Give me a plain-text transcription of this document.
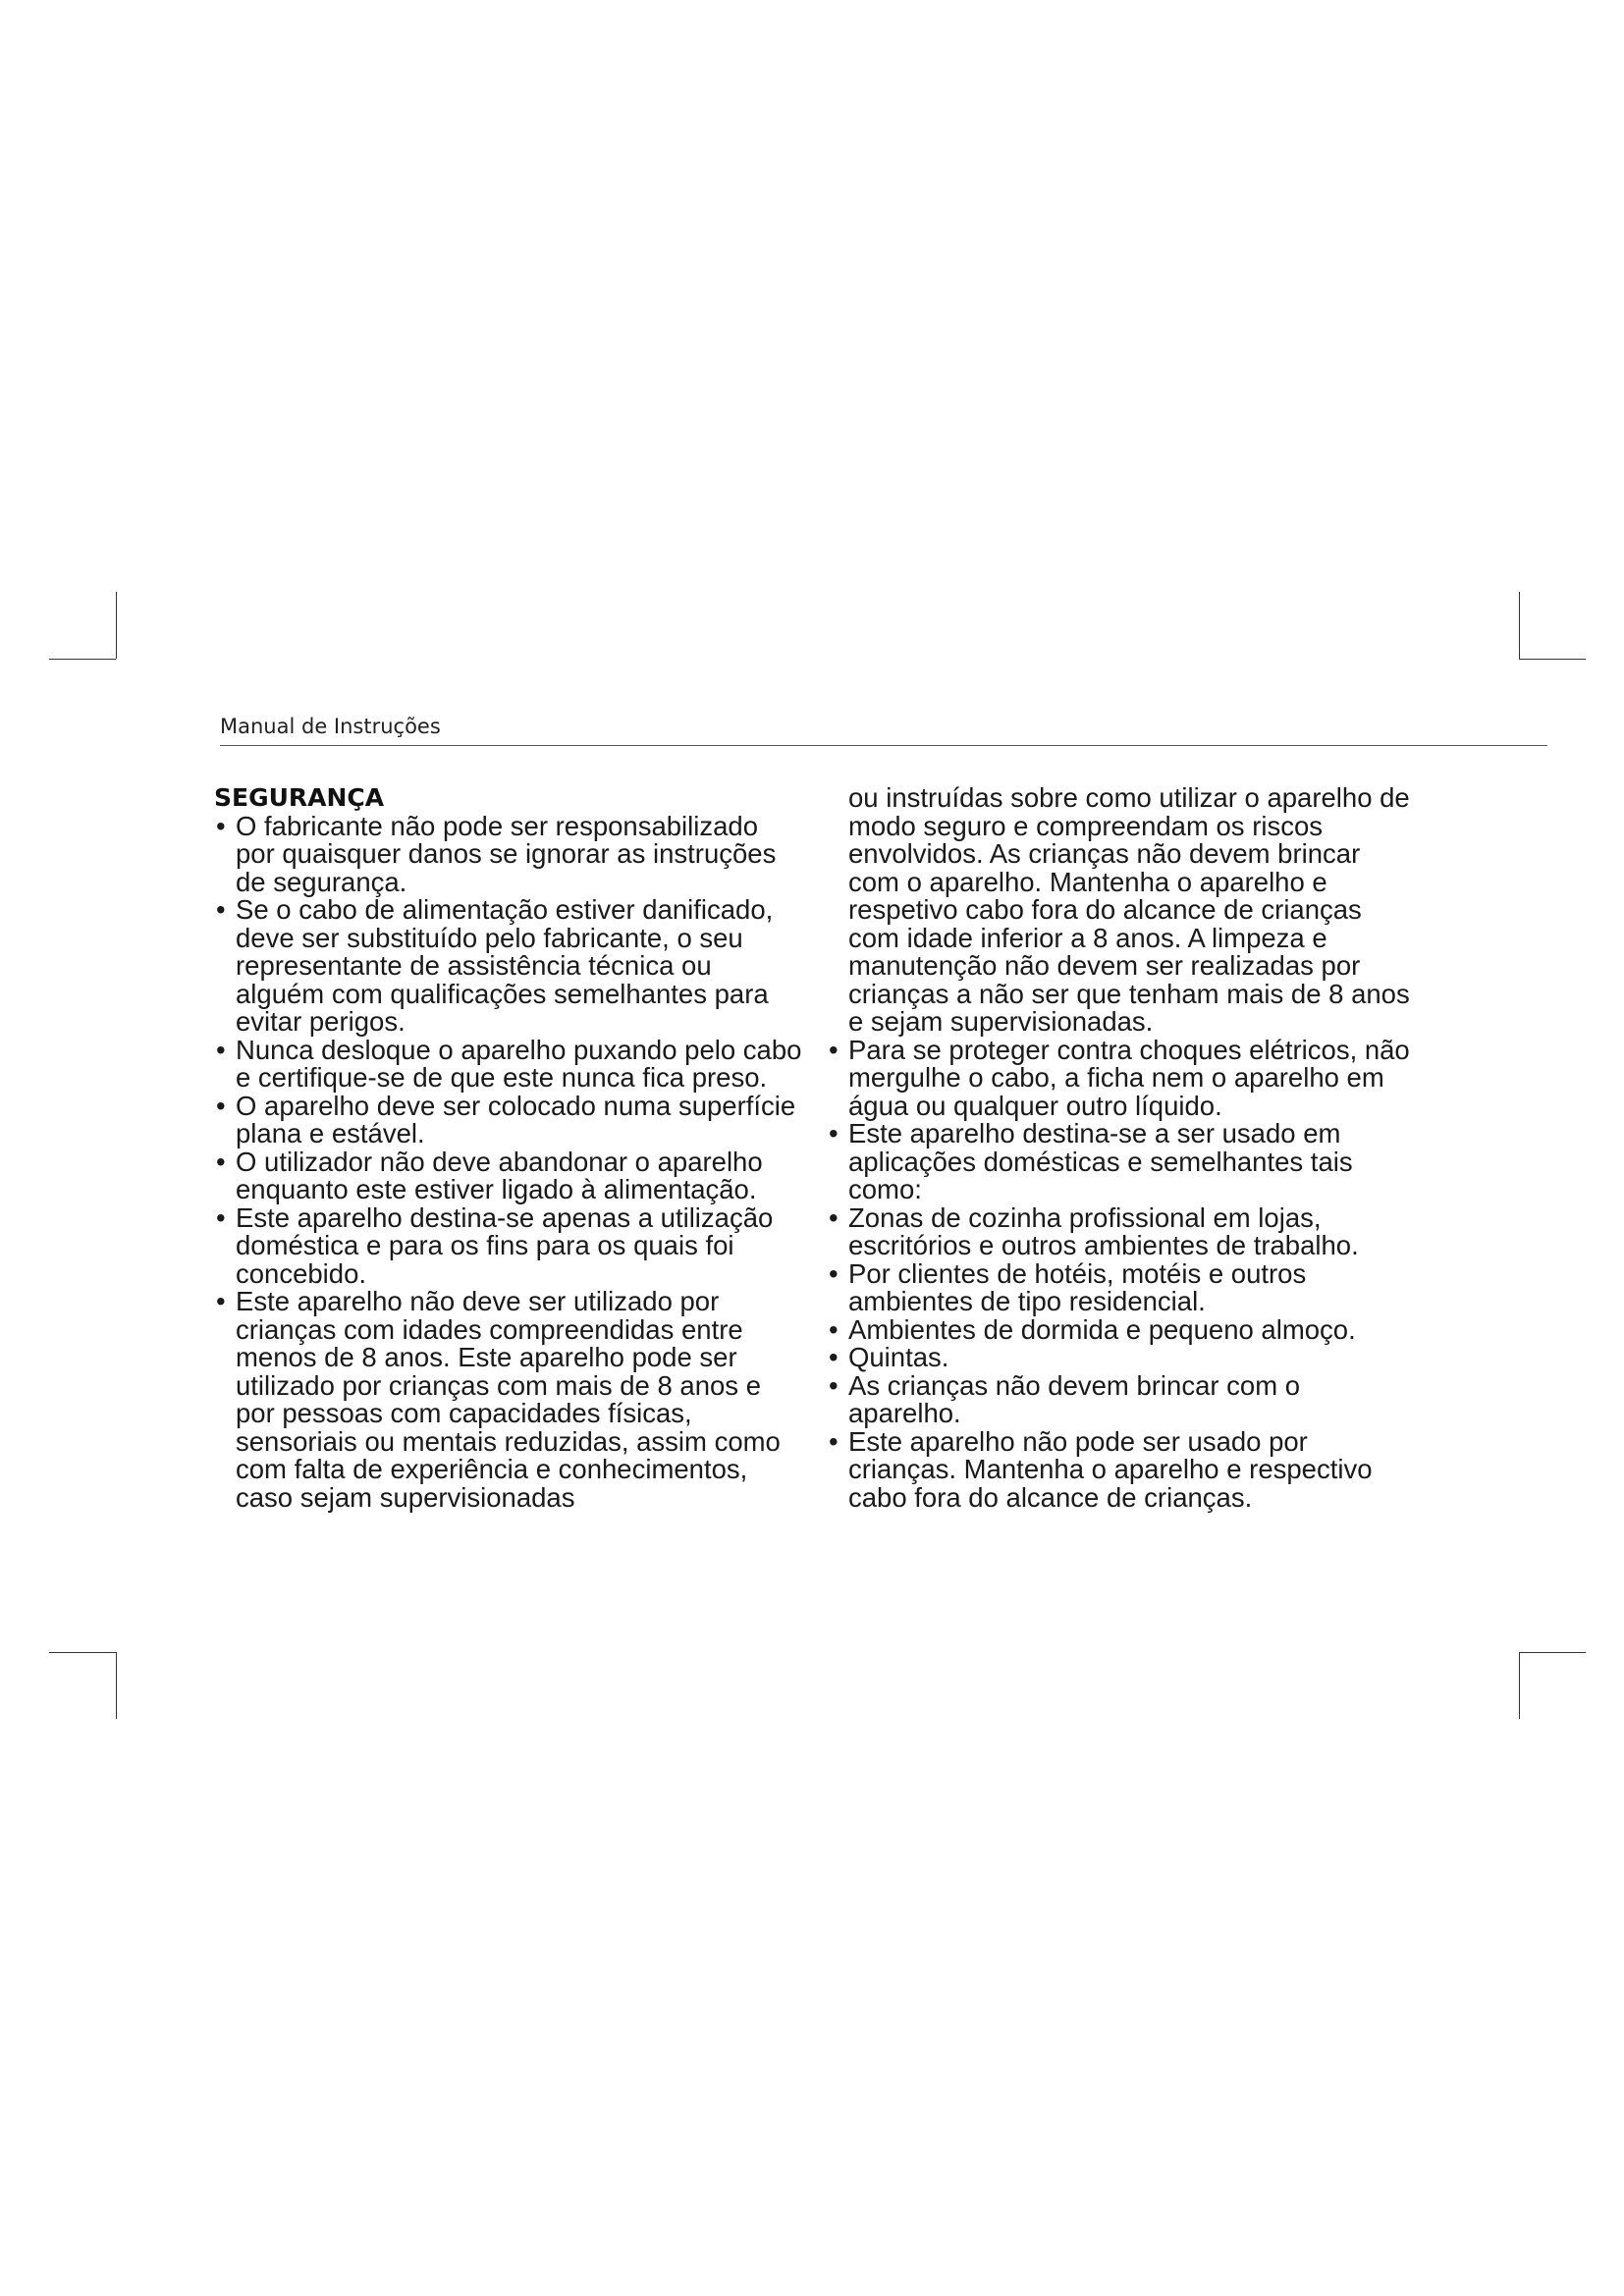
Manual de Instruções

SEGURANÇA

• O fabricante não pode ser responsabilizado por quaisquer danos se ignorar as instruções de segurança.
• Se o cabo de alimentação estiver danificado, deve ser substituído pelo fabricante, o seu representante de assistência técnica ou alguém com qualificações semelhantes para evitar perigos.
• Nunca desloque o aparelho puxando pelo cabo e certifique-se de que este nunca fica preso.
• O aparelho deve ser colocado numa superfície plana e estável.
• O utilizador não deve abandonar o aparelho enquanto este estiver ligado à alimentação.
• Este aparelho destina-se apenas a utilização doméstica e para os fins para os quais foi concebido.
• Este aparelho não deve ser utilizado por crianças com idades compreendidas entre menos de 8 anos. Este aparelho pode ser utilizado por crianças com mais de 8 anos e por pessoas com capacidades físicas, sensoriais ou mentais reduzidas, assim como com falta de experiência e conhecimentos, caso sejam supervisionadas
ou instruídas sobre como utilizar o aparelho de modo seguro e compreendam os riscos envolvidos. As crianças não devem brincar com o aparelho. Mantenha o aparelho e respetivo cabo fora do alcance de crianças com idade inferior a 8 anos. A limpeza e manutenção não devem ser realizadas por crianças a não ser que tenham mais de 8 anos e sejam supervisionadas.
• Para se proteger contra choques elétricos, não mergulhe o cabo, a ficha nem o aparelho em água ou qualquer outro líquido.
• Este aparelho destina-se a ser usado em aplicações domésticas e semelhantes tais como:
• Zonas de cozinha profissional em lojas, escritórios e outros ambientes de trabalho.
• Por clientes de hotéis, motéis e outros ambientes de tipo residencial.
• Ambientes de dormida e pequeno almoço.
• Quintas.
• As crianças não devem brincar com o aparelho.
• Este aparelho não pode ser usado por crianças. Mantenha o aparelho e respectivo cabo fora do alcance de crianças.
